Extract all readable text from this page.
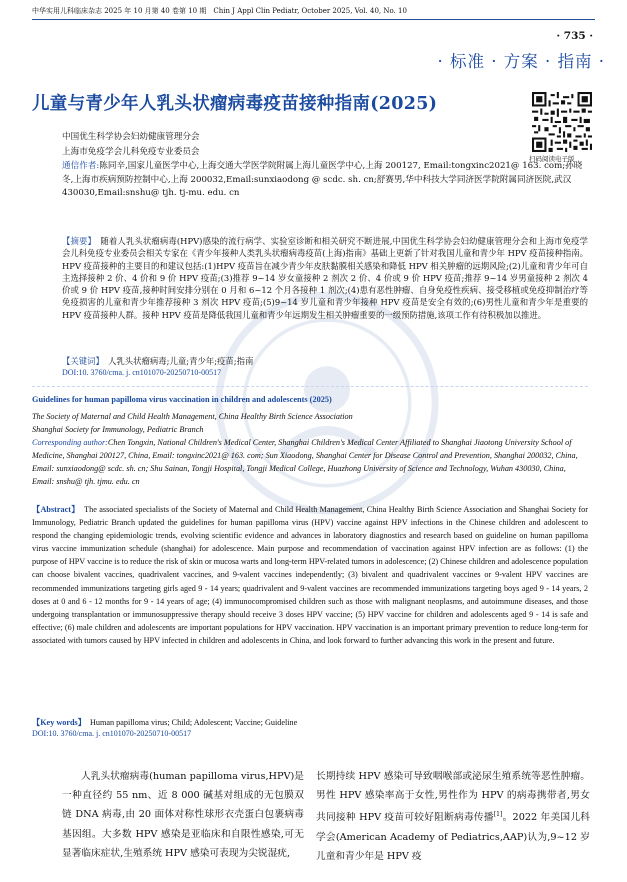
中华实用儿科临床杂志 2025 年 10 月第 40 卷第 10 期　Chin J Appl Clin Pediatr, October 2025, Vol. 40, No. 10
· 735 ·
· 标准 · 方案 · 指南 ·
儿童与青少年人乳头状瘤病毒疫苗接种指南(2025)
扫码阅读电子版
中国优生科学协会妇幼健康管理分会
上海市免疫学会儿科免疫专业委员会
通信作者:陈同辛,国家儿童医学中心,上海交通大学医学院附属上海儿童医学中心,上海 200127, Email:tongxinc2021@ 163. com;孙晓冬,上海市疾病预防控制中心,上海 200032,Email:sunxiaodong @ scdc. sh. cn;舒赛男,华中科技大学同济医学院附属同济医院,武汉 430030,Email:snshu@ tjh. tj-mu. edu. cn
【摘要】　 随着人乳头状瘤病毒(HPV)感染的流行病学、实验室诊断和相关研究不断进展,中国优生科学协会妇幼健康管理分会和上海市免疫学会儿科免疫专业委员会相关专家在《青少年接种人类乳头状瘤病毒疫苗(上海)指南》基础上更新了针对我国儿童和青少年 HPV 疫苗接种指南。HPV 疫苗接种的主要目的和建议包括:(1)HPV 疫苗旨在减少青少年皮肤黏膜相关感染和降低 HPV 相关肿瘤的远期风险;(2)儿童和青少年可自主选择接种 2 价、4 价和 9 价 HPV 疫苗;(3)推荐 9~14 岁女童接种 2 剂次 2 价、4 价或 9 价 HPV 疫苗;推荐 9~14 岁男童接种 2 剂次 4 价或 9 价 HPV 疫苗,接种时间安排分别在 0 月和 6~12 个月各接种 1 剂次;(4)患有恶性肿瘤、自身免疫性疾病、接受移植或免疫抑制治疗等免疫损害的儿童和青少年推荐接种 3 剂次 HPV 疫苗;(5)9~14 岁儿童和青少年接种 HPV 疫苗是安全有效的;(6)男性儿童和青少年是重要的 HPV 疫苗接种人群。接种 HPV 疫苗是降低我国儿童和青少年远期发生相关肿瘤重要的一级预防措施,该项工作有待积极加以推进。
【关键词】　 人乳头状瘤病毒;儿童;青少年;疫苗;指南
DOI:10. 3760/cma. j. cn101070-20250710-00517
Guidelines for human papilloma virus vaccination in children and adolescents (2025)
The Society of Maternal and Child Health Management, China Healthy Birth Science Association
Shanghai Society for Immunology, Pediatric Branch
Corresponding author:Chen Tongxin, National Children's Medical Center, Shanghai Children's Medical Center Affiliated to Shanghai Jiaotong University School of Medicine, Shanghai 200127, China, Email: tongxinc2021@ 163. com; Sun Xiaodong, Shanghai Center for Disease Control and Prevention, Shanghai 200032, China, Email: sunxiaodong@ scdc. sh. cn; Shu Sainan, Tongji Hospital, Tongji Medical College, Huazhong University of Science and Technology, Wuhan 430030, China, Email: snshu@ tjh. tjmu. edu. cn
【Abstract】　 The associated specialists of the Society of Maternal and Child Health Management, China Healthy Birth Science Association and Shanghai Society for Immunology, Pediatric Branch updated the guidelines for human papilloma virus (HPV) vaccine against HPV infections in the Chinese children and adolescent to respond the changing epidemiologic trends, evolving scientific evidence and advances in laboratory diagnostics and research based on guideline on human papilloma virus vaccine immunization schedule (shanghai) for adolescence. Main purpose and recommendation of vaccination against HPV infection are as follows: (1) the purpose of HPV vaccine is to reduce the risk of skin or mucosa warts and long-term HPV-related tumors in adolescence; (2) Chinese children and adolescence population can choose bivalent vaccines, quadrivalent vaccines, and 9-valent vaccines independently; (3) bivalent and quadrivalent vaccines or 9-valent HPV vaccines are recommended immunizations targeting girls aged 9 - 14 years; quadrivalent and 9-valent vaccines are recommended immunizations targeting boys aged 9 - 14 years, 2 doses at 0 and 6 - 12 months for 9 - 14 years of age; (4) immunocompromised children such as those with malignant neoplasms, and autoimmune diseases, and those undergoing transplantation or immunosuppressive therapy should receive 3 doses HPV vaccine; (5) HPV vaccine for children and adolescents aged 9 - 14 is safe and effective; (6) male children and adolescents are important populations for HPV vaccination. HPV vaccination is an important primary prevention to reduce long-term for associated with tumors caused by HPV infected in children and adolescents in China, and look forward to further advancing this work in the present and future.
【Key words】　 Human papilloma virus; Child; Adolescent; Vaccine; Guideline
DOI:10. 3760/cma. j. cn101070-20250710-00517
人乳头状瘤病毒(human papilloma virus,HPV)是一种直径约 55 nm、近 8 000 碱基对组成的无包膜双链 DNA 病毒,由 20 面体对称性球形衣壳蛋白包裹病毒基因组。大多数 HPV 感染是亚临床和自限性感染,可无显著临床症状,生殖系统 HPV 感染可表现为尖锐湿疣,
长期持续 HPV 感染可导致咽喉部或泌尿生殖系统等恶性肿瘤。男性 HPV 感染率高于女性,男性作为 HPV 的病毒携带者,男女共同接种 HPV 疫苗可较好阻断病毒传播[1]。2022 年美国儿科学会(American Academy of Pediatrics,AAP)认为,9~12 岁儿童和青少年是 HPV 疫
